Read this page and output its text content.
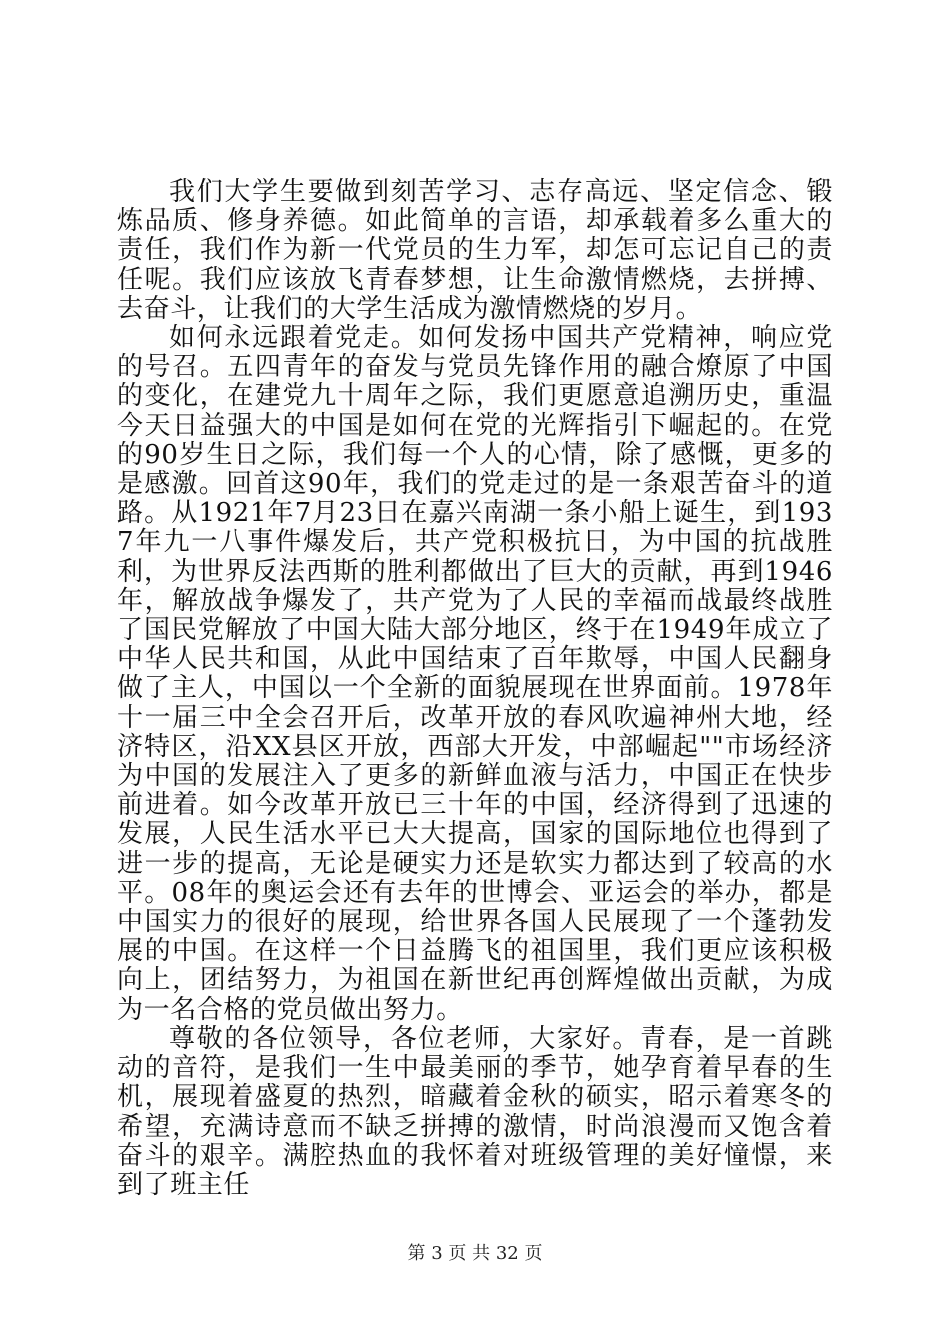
我们大学生要做到刻苦学习、志存高远、坚定信念、锻炼品质、修身养德。如此简单的言语，却承载着多么重大的责任，我们作为新一代党员的生力军，却怎可忘记自己的责任呢。我们应该放飞青春梦想，让生命激情燃烧，去拼搏、去奋斗，让我们的大学生活成为激情燃烧的岁月。

如何永远跟着党走。如何发扬中国共产党精神，响应党的号召。五四青年的奋发与党员先锋作用的融合燎原了中国的变化，在建党九十周年之际，我们更愿意追溯历史，重温今天日益强大的中国是如何在党的光辉指引下崛起的。在党的90岁生日之际，我们每一个人的心情，除了感慨，更多的是感激。回首这90年，我们的党走过的是一条艰苦奋斗的道路。从1921年7月23日在嘉兴南湖一条小船上诞生，到1937年九一八事件爆发后，共产党积极抗日，为中国的抗战胜利，为世界反法西斯的胜利都做出了巨大的贡献，再到1946年，解放战争爆发了，共产党为了人民的幸福而战最终战胜了国民党解放了中国大陆大部分地区，终于在1949年成立了中华人民共和国，从此中国结束了百年欺辱，中国人民翻身做了主人，中国以一个全新的面貌展现在世界面前。1978年十一届三中全会召开后，改革开放的春风吹遍神州大地，经济特区，沿XX县区开放，西部大开发，中部崛起""市场经济为中国的发展注入了更多的新鲜血液与活力，中国正在快步前进着。如今改革开放已三十年的中国，经济得到了迅速的发展，人民生活水平已大大提高，国家的国际地位也得到了进一步的提高，无论是硬实力还是软实力都达到了较高的水平。08年的奥运会还有去年的世博会、亚运会的举办，都是中国实力的很好的展现，给世界各国人民展现了一个蓬勃发展的中国。在这样一个日益腾飞的祖国里，我们更应该积极向上，团结努力，为祖国在新世纪再创辉煌做出贡献，为成为一名合格的党员做出努力。

尊敬的各位领导，各位老师，大家好。青春，是一首跳动的音符，是我们一生中最美丽的季节，她孕育着早春的生机，展现着盛夏的热烈，暗藏着金秋的硕实，昭示着寒冬的希望，充满诗意而不缺乏拼搏的激情，时尚浪漫而又饱含着奋斗的艰辛。满腔热血的我怀着对班级管理的美好憧憬，来到了班主任

第 3 页 共 32 页
